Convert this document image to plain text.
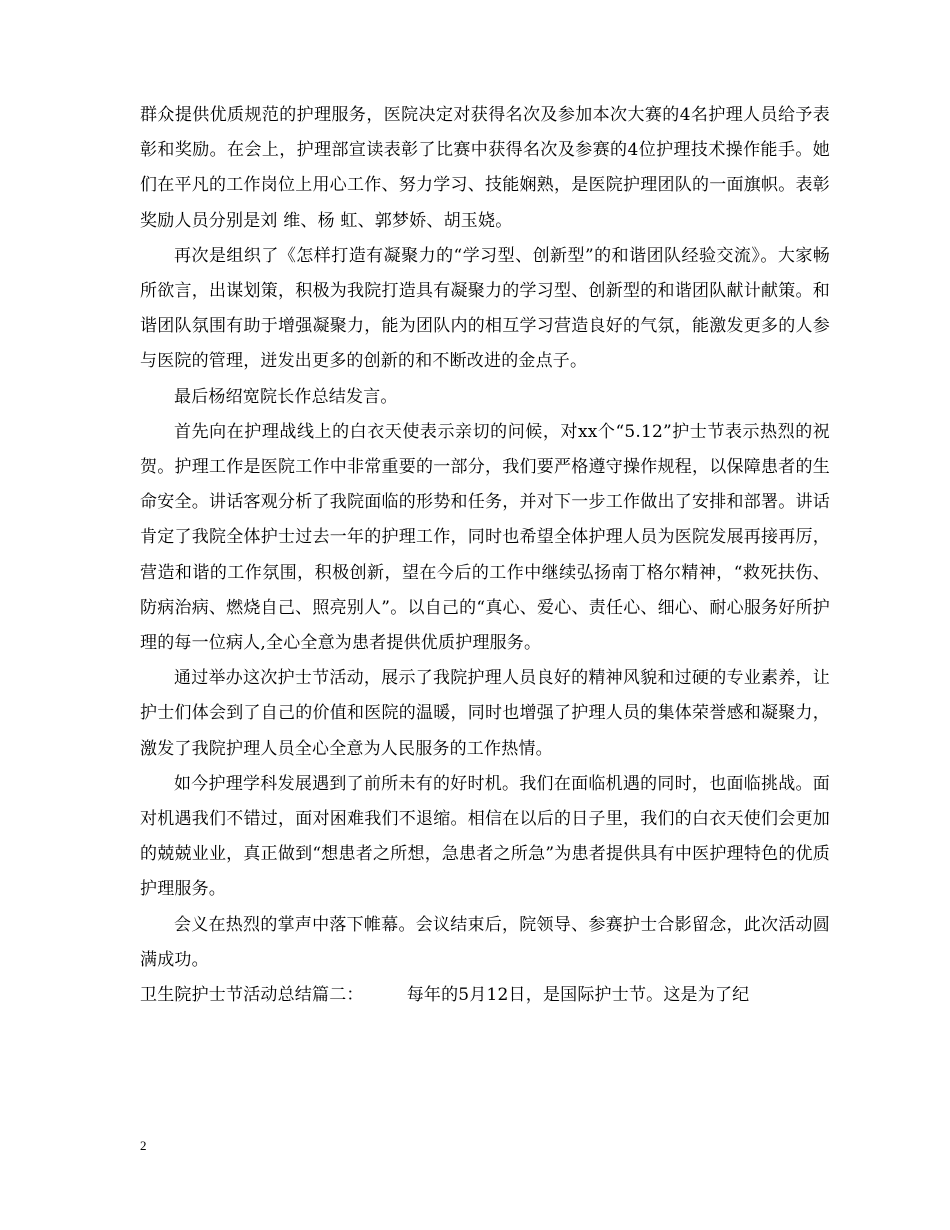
群众提供优质规范的护理服务，医院决定对获得名次及参加本次大赛的4名护理人员给予表彰和奖励。在会上，护理部宣读表彰了比赛中获得名次及参赛的4位护理技术操作能手。她们在平凡的工作岗位上用心工作、努力学习、技能娴熟，是医院护理团队的一面旗帜。表彰奖励人员分别是刘 维、杨 虹、郭梦娇、胡玉娆。

再次是组织了《怎样打造有凝聚力的“学习型、创新型”的和谐团队经验交流》。大家畅所欲言，出谋划策，积极为我院打造具有凝聚力的学习型、创新型的和谐团队献计献策。和谐团队氛围有助于增强凝聚力，能为团队内的相互学习营造良好的气氛，能激发更多的人参与医院的管理，迸发出更多的创新的和不断改进的金点子。

最后杨绍宽院长作总结发言。

首先向在护理战线上的白衣天使表示亲切的问候，对xx个“5.12”护士节表示热烈的祝贺。护理工作是医院工作中非常重要的一部分，我们要严格遵守操作规程，以保障患者的生命安全。讲话客观分析了我院面临的形势和任务，并对下一步工作做出了安排和部署。讲话肯定了我院全体护士过去一年的护理工作，同时也希望全体护理人员为医院发展再接再厉，营造和谐的工作氛围，积极创新，望在今后的工作中继续弘扬南丁格尔精神，“救死扶伤、防病治病、燃烧自己、照亮别人”。以自己的“真心、爱心、责任心、细心、耐心服务好所护理的每一位病人,全心全意为患者提供优质护理服务。

通过举办这次护士节活动，展示了我院护理人员良好的精神风貌和过硬的专业素养，让护士们体会到了自己的价值和医院的温暖，同时也增强了护理人员的集体荣誉感和凝聚力，激发了我院护理人员全心全意为人民服务的工作热情。

如今护理学科发展遇到了前所未有的好时机。我们在面临机遇的同时，也面临挑战。面对机遇我们不错过，面对困难我们不退缩。相信在以后的日子里，我们的白衣天使们会更加的兢兢业业，真正做到“想患者之所想，急患者之所急”为患者提供具有中医护理特色的优质护理服务。

会义在热烈的掌声中落下帷幕。会议结束后，院领导、参赛护士合影留念，此次活动圆满成功。

卫生院护士节活动总结篇二：　　　每年的5月12日，是国际护士节。这是为了纪

2
